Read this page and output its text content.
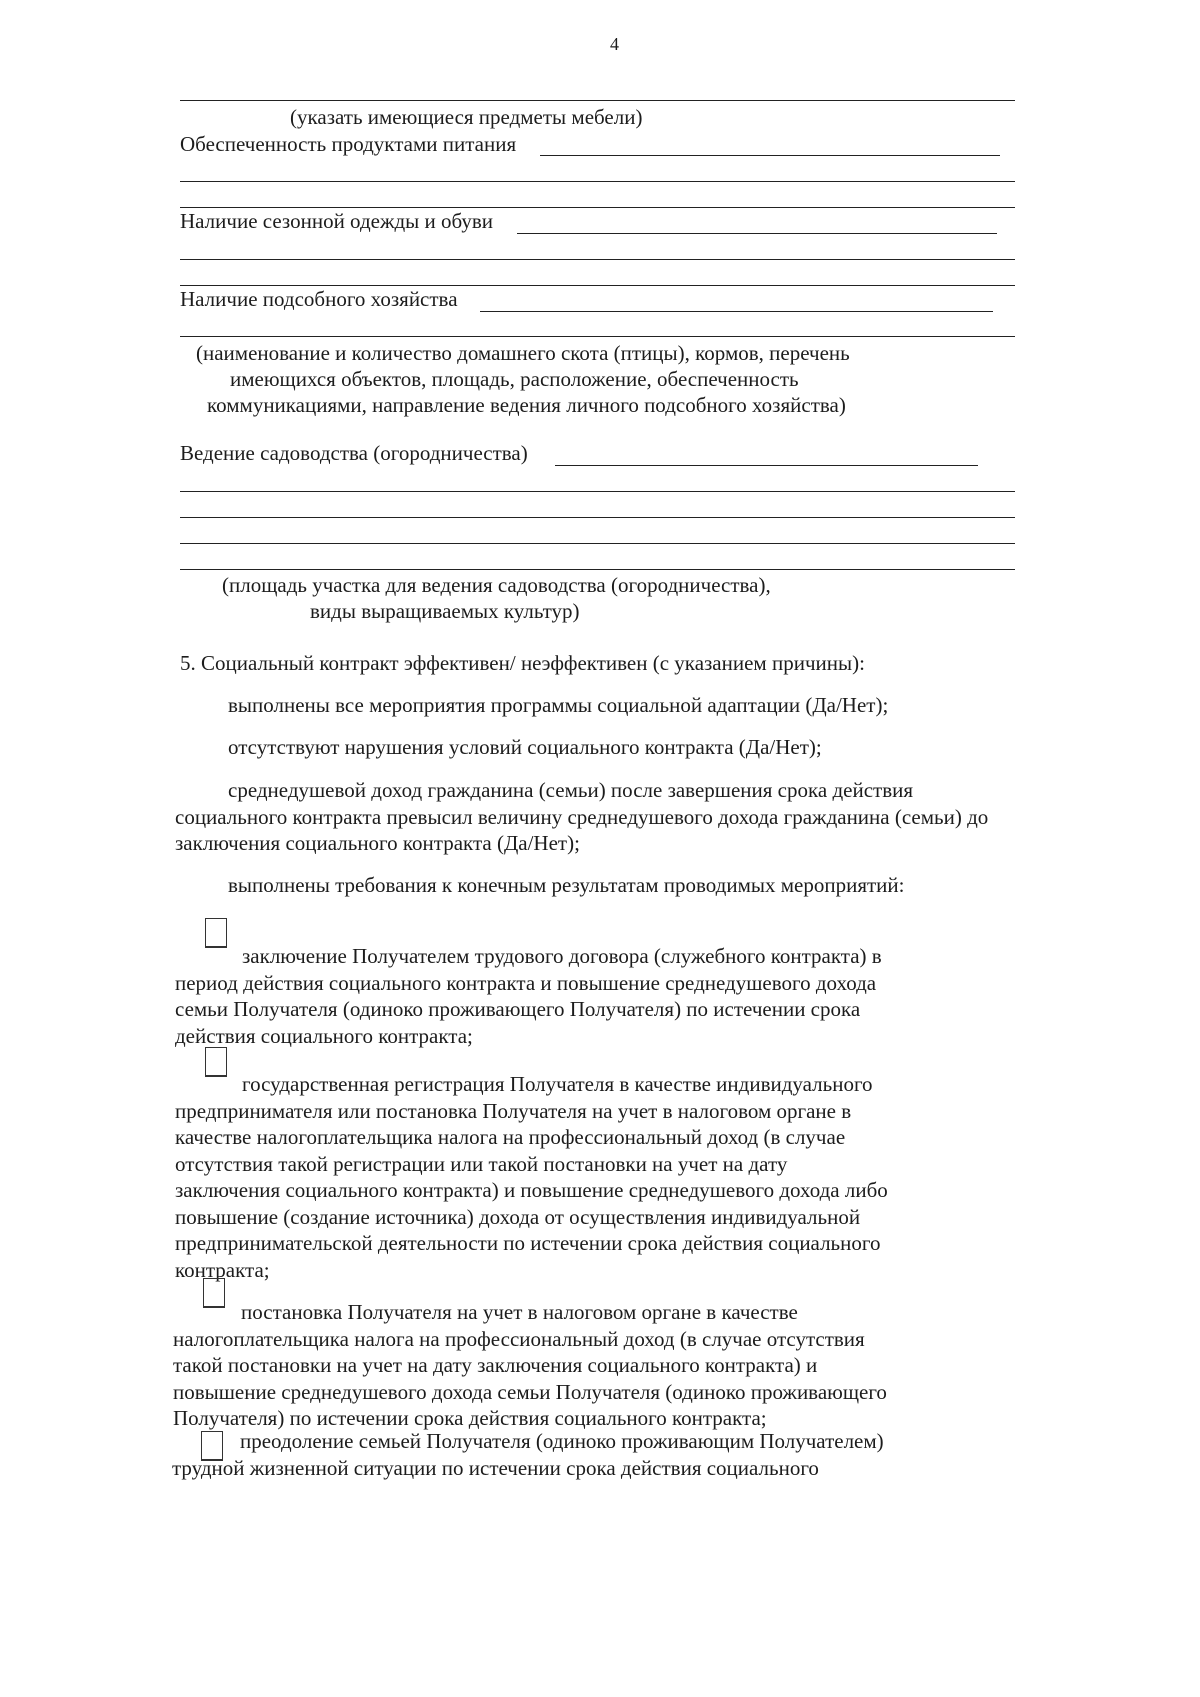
4
(указать имеющиеся предметы мебели)
Обеспеченность продуктами питания
Наличие сезонной одежды и обуви
Наличие подсобного хозяйства
(наименование и количество домашнего скота (птицы), кормов, перечень
имеющихся объектов, площадь, расположение, обеспеченность
коммуникациями, направление ведения личного подсобного хозяйства)
Ведение садоводства (огородничества)
(площадь участка для ведения садоводства (огородничества),
виды выращиваемых культур)
5. Социальный контракт эффективен/ неэффективен (с указанием причины):
выполнены все мероприятия программы социальной адаптации (Да/Нет);
отсутствуют нарушения условий социального контракта (Да/Нет);
среднедушевой доход гражданина (семьи) после завершения срока действия
социального контракта превысил величину среднедушевого дохода гражданина (семьи) до
заключения социального контракта (Да/Нет);
выполнены требования к конечным результатам проводимых мероприятий:
заключение Получателем трудового договора (служебного контракта) в
период действия социального контракта и повышение среднедушевого дохода
семьи Получателя (одиноко проживающего Получателя) по истечении срока
действия социального контракта;
государственная регистрация Получателя в качестве индивидуального
предпринимателя или постановка Получателя на учет в налоговом органе в
качестве налогоплательщика налога на профессиональный доход (в случае
отсутствия такой регистрации или такой постановки на учет на дату
заключения социального контракта) и повышение среднедушевого дохода либо
повышение (создание источника) дохода от осуществления индивидуальной
предпринимательской деятельности по истечении срока действия социального
контракта;
постановка Получателя на учет в налоговом органе в качестве
налогоплательщика налога на профессиональный доход (в случае отсутствия
такой постановки на учет на дату заключения социального контракта) и
повышение среднедушевого дохода семьи Получателя (одиноко проживающего
Получателя) по истечении срока действия социального контракта;
преодоление семьей Получателя (одиноко проживающим Получателем)
трудной жизненной ситуации по истечении срока действия социального
